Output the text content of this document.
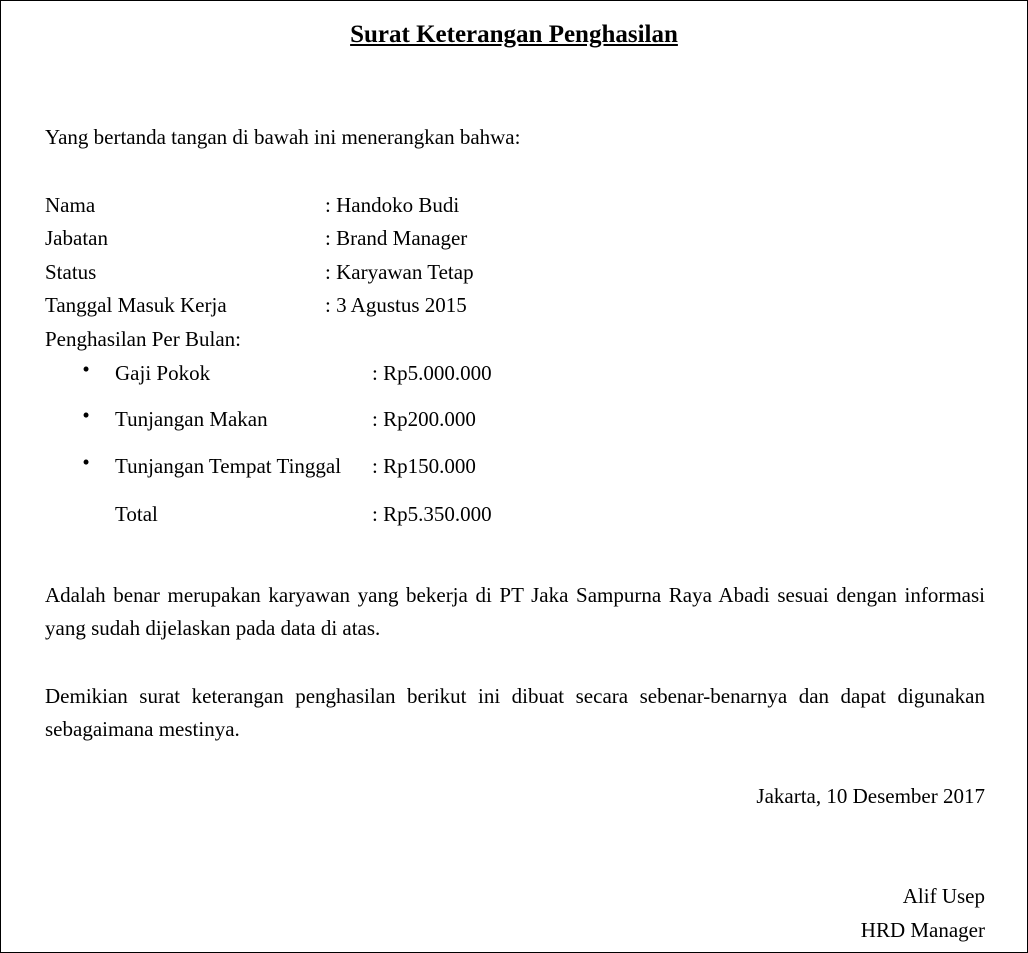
Surat Keterangan Penghasilan
Yang bertanda tangan di bawah ini menerangkan bahwa:
Nama	: Handoko Budi
Jabatan	: Brand Manager
Status	: Karyawan Tetap
Tanggal Masuk Kerja	: 3 Agustus 2015
Penghasilan Per Bulan:
• Gaji Pokok	: Rp5.000.000
• Tunjangan Makan	: Rp200.000
• Tunjangan Tempat Tinggal : Rp150.000
Total	: Rp5.350.000
Adalah benar merupakan karyawan yang bekerja di PT Jaka Sampurna Raya Abadi sesuai dengan informasi yang sudah dijelaskan pada data di atas.
Demikian surat keterangan penghasilan berikut ini dibuat secara sebenar-benarnya dan dapat digunakan sebagaimana mestinya.
Jakarta, 10 Desember 2017
Alif Usep
HRD Manager
